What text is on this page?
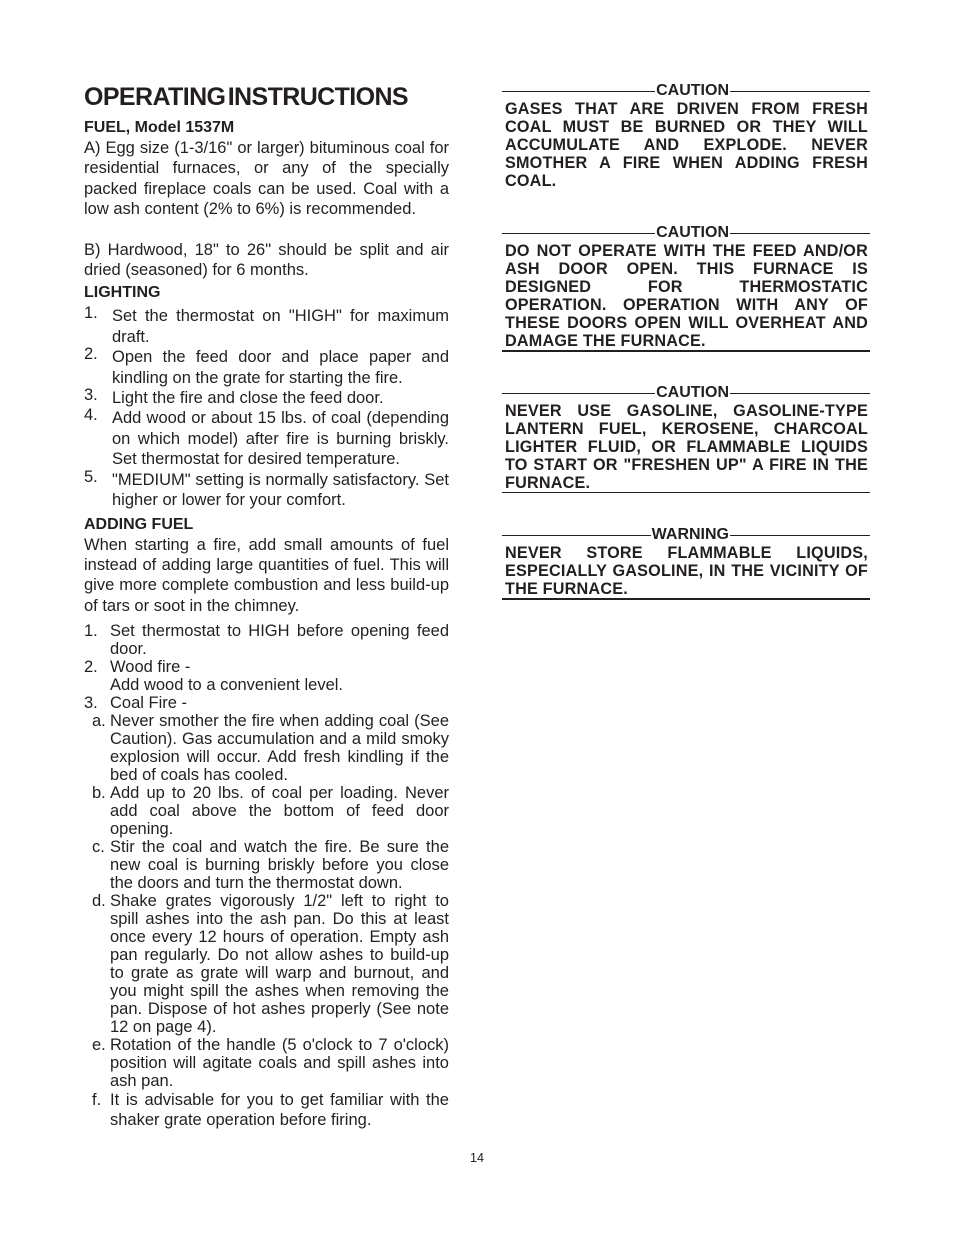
OPERATING INSTRUCTIONS
FUEL, Model 1537M

A) Egg size (1-3/16" or larger) bituminous coal for residential furnaces, or any of the specially packed fireplace coals can be used. Coal with a low ash content (2% to 6%) is recommended.

B) Hardwood, 18" to 26" should be split and air dried (seasoned) for 6 months.

LIGHTING
1. Set the thermostat on "HIGH" for maximum draft.
2. Open the feed door and place paper and kindling on the grate for starting the fire.
3. Light the fire and close the feed door.
4. Add wood or about 15 lbs. of coal (depending on which model) after fire is burning briskly. Set thermostat for desired temperature.
5. "MEDIUM" setting is normally satisfactory. Set higher or lower for your comfort.
ADDING FUEL

When starting a fire, add small amounts of fuel instead of adding large quantities of fuel. This will give more complete combustion and less build-up of tars or soot in the chimney.

1. Set thermostat to HIGH before opening feed door.
2. Wood fire -
Add wood to a convenient level.
3. Coal Fire -
a. Never smother the fire when adding coal (See Caution). Gas accumulation and a mild smoky explosion will occur. Add fresh kindling if the bed of coals has cooled.
b. Add up to 20 lbs. of coal per loading. Never add coal above the bottom of feed door opening.
c. Stir the coal and watch the fire. Be sure the new coal is burning briskly before you close the doors and turn the thermostat down.
d. Shake grates vigorously 1/2" left to right to spill ashes into the ash pan. Do this at least once every 12 hours of operation. Empty ash pan regularly. Do not allow ashes to build-up to grate as grate will warp and burnout, and you might spill the ashes when removing the pan. Dispose of hot ashes properly (See note 12 on page 4).
e. Rotation of the handle (5 o'clock to 7 o'clock) position will agitate coals and spill ashes into ash pan.
f. It is advisable for you to get familiar with the shaker grate operation before firing.
CAUTION
GASES THAT ARE DRIVEN FROM FRESH COAL MUST BE BURNED OR THEY WILL ACCUMULATE AND EXPLODE. NEVER SMOTHER A FIRE WHEN ADDING FRESH COAL.
CAUTION
DO NOT OPERATE WITH THE FEED AND/OR ASH DOOR OPEN. THIS FURNACE IS DESIGNED FOR THERMOSTATIC OPERATION. OPERATION WITH ANY OF THESE DOORS OPEN WILL OVERHEAT AND DAMAGE THE FURNACE.
CAUTION
NEVER USE GASOLINE, GASOLINE-TYPE LANTERN FUEL, KEROSENE, CHARCOAL LIGHTER FLUID, OR FLAMMABLE LIQUIDS TO START OR "FRESHEN UP" A FIRE IN THE FURNACE.
WARNING
NEVER STORE FLAMMABLE LIQUIDS, ESPECIALLY GASOLINE, IN THE VICINITY OF THE FURNACE.
14
